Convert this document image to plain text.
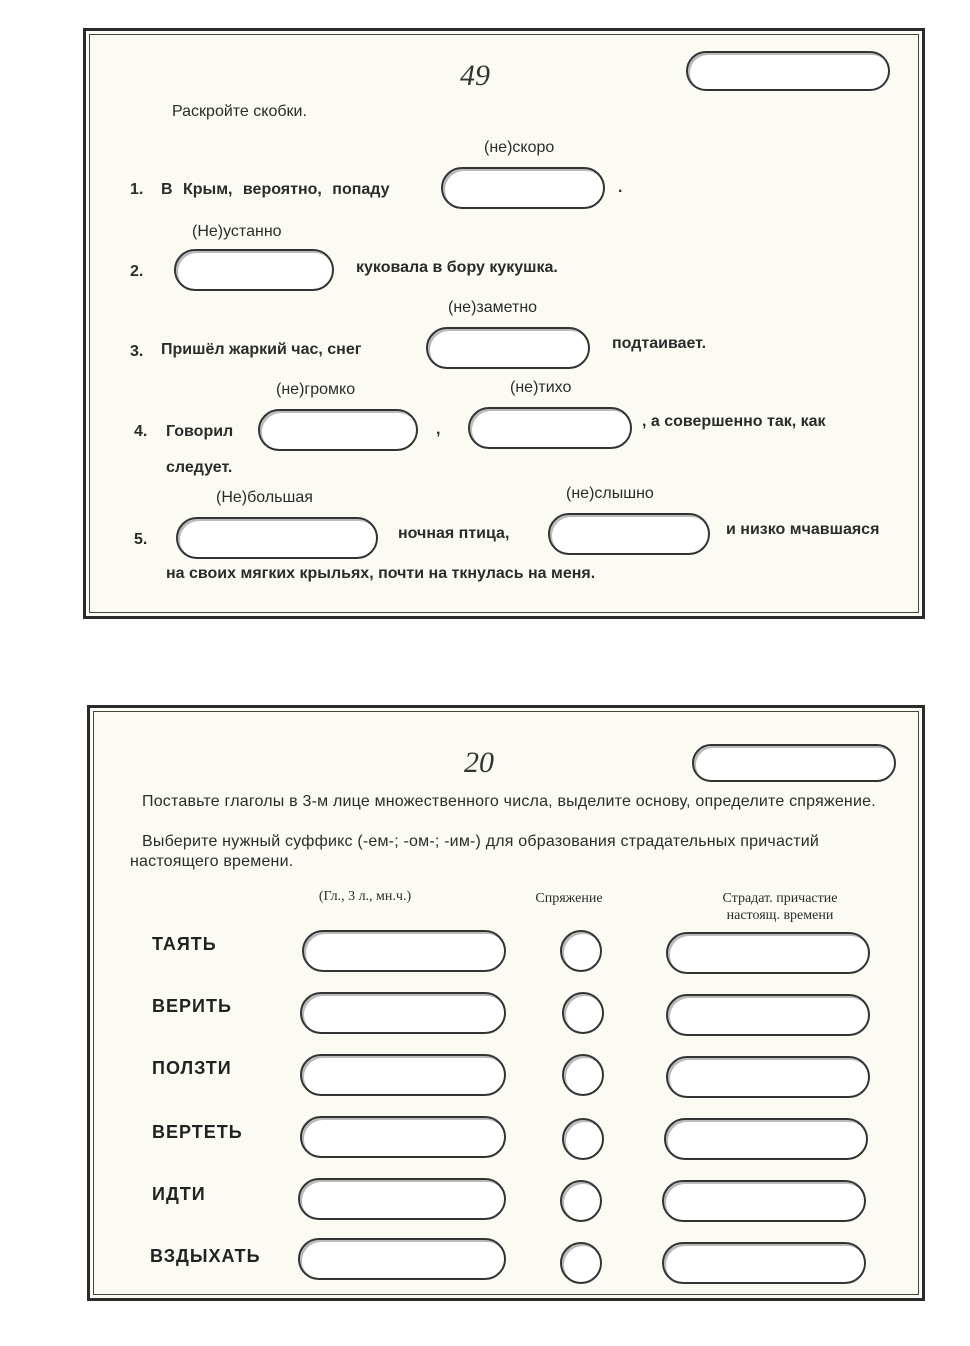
49
Раскройте скобки.
1. В Крым, вероятно, попаду
(не)скоро
.
2.
(Не)устанно
куковала в бору кукушка.
3. Пришёл жаркий час, снег
(не)заметно
подтаивает.
4. Говорил
(не)громко
,
(не)тихо
, а совершенно так, как
следует.
5.
(Не)большая
ночная птица,
(не)слышно
и низко мчавшаяся
на своих мягких крыльях, почти на ткнулась на меня.
20
Поставьте глаголы в 3-м лице множественного числа, выделите основу, определите спряжение.
Выберите нужный суффикс (-ем-; -ом-; -им-) для образования страдательных причастий настоящего времени.
(Гл., 3 л., мн.ч.)	Спряжение	Страдат. причастие
настоящ. времени
ТАЯТЬ
ВЕРИТЬ
ПОЛЗТИ
ВЕРТЕТЬ
ИДТИ
ВЗДЫХАТЬ
